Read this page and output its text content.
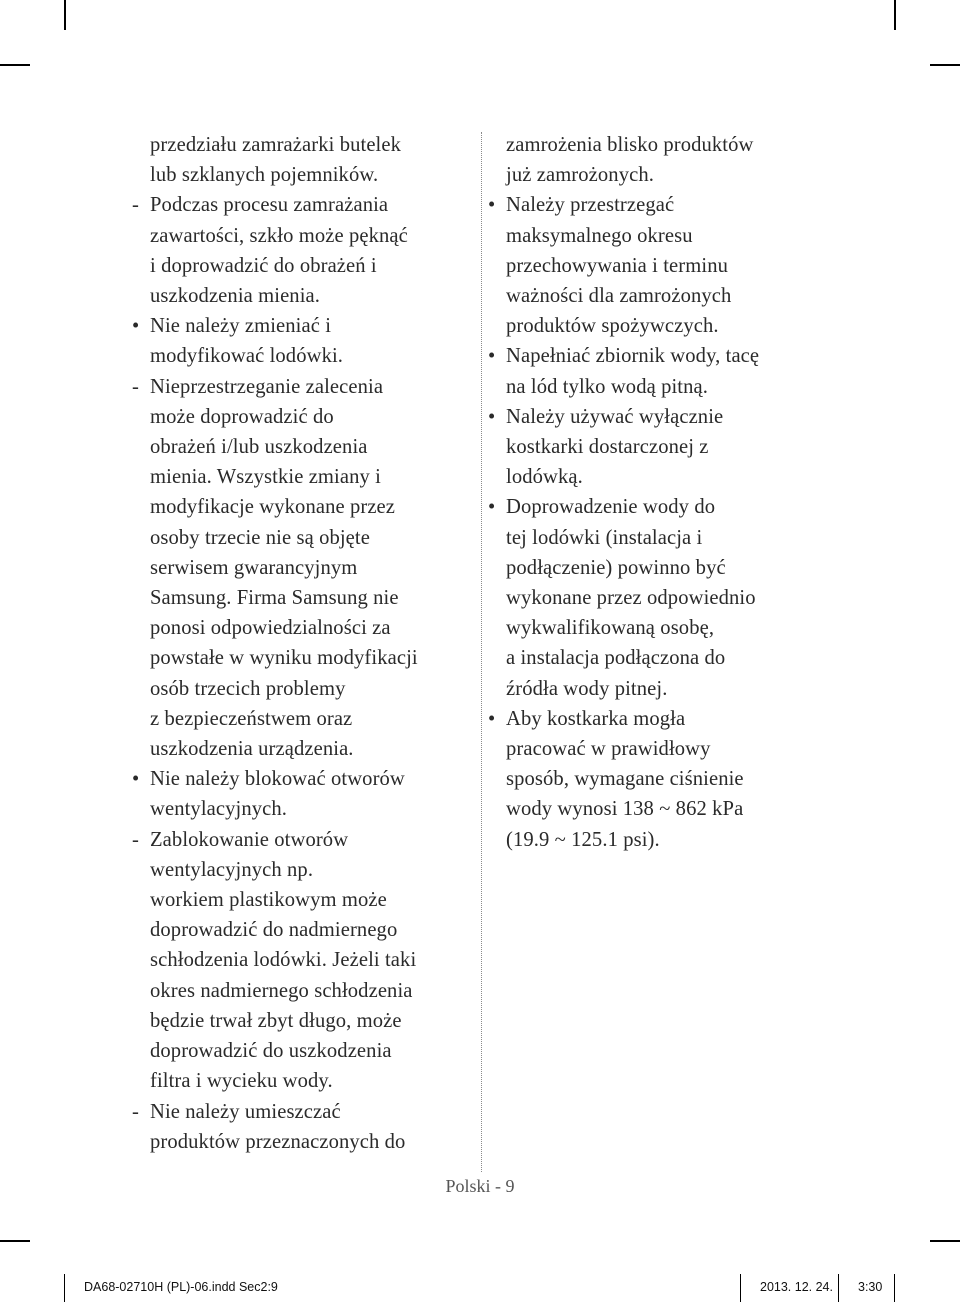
przedziału zamrażarki butelek
lub szklanych pojemników.

- Podczas procesu zamrażania
zawartości, szkło może pęknąć
i doprowadzić do obrażeń i
uszkodzenia mienia.

• Nie należy zmieniać i
modyfikować lodówki.

- Nieprzestrzeganie zalecenia
może doprowadzić do
obrażeń i/lub uszkodzenia
mienia. Wszystkie zmiany i
modyfikacje wykonane przez
osoby trzecie nie są objęte
serwisem gwarancyjnym
Samsung. Firma Samsung nie
ponosi odpowiedzialności za
powstałe w wyniku modyfikacji
osób trzecich problemy
z bezpieczeństwem oraz
uszkodzenia urządzenia.

• Nie należy blokować otworów
wentylacyjnych.

- Zablokowanie otworów
wentylacyjnych np.
workiem plastikowym może
doprowadzić do nadmiernego
schłodzenia lodówki. Jeżeli taki
okres nadmiernego schłodzenia
będzie trwał zbyt długo, może
doprowadzić do uszkodzenia
filtra i wycieku wody.

- Nie należy umieszczać
produktów przeznaczonych do

zamrożenia blisko produktów
już zamrożonych.

• Należy przestrzegać
maksymalnego okresu
przechowywania i terminu
ważności dla zamrożonych
produktów spożywczych.

• Napełniać zbiornik wody, tacę
na lód tylko wodą pitną.

• Należy używać wyłącznie
kostkarki dostarczonej z
lodówką.

• Doprowadzenie wody do
tej lodówki (instalacja i
podłączenie) powinno być
wykonane przez odpowiednio
wykwalifikowaną osobę,
a instalacja podłączona do
źródła wody pitnej.

• Aby kostkarka mogła
pracować w prawidłowy
sposób, wymagane ciśnienie
wody wynosi 138 ~ 862 kPa
(19.9 ~ 125.1 psi).

Polski - 9
DA68-02710H (PL)-06.indd Sec2:9	2013. 12. 24. 3:30
